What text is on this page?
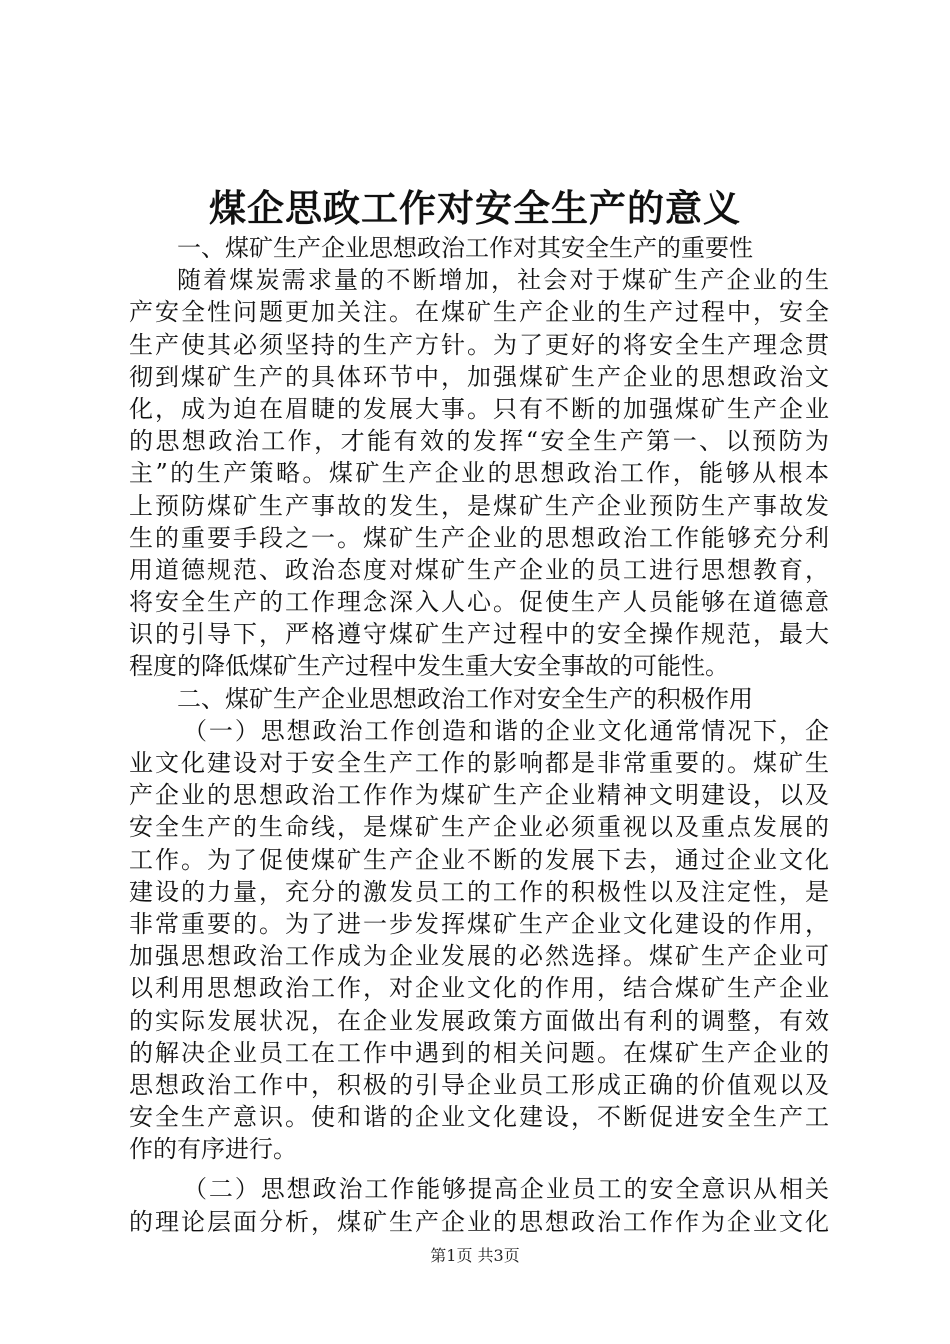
煤企思政工作对安全生产的意义
一、煤矿生产企业思想政治工作对其安全生产的重要性
随着煤炭需求量的不断增加，社会对于煤矿生产企业的生
产安全性问题更加关注。在煤矿生产企业的生产过程中，安全
生产使其必须坚持的生产方针。为了更好的将安全生产理念贯
彻到煤矿生产的具体环节中，加强煤矿生产企业的思想政治文
化，成为迫在眉睫的发展大事。只有不断的加强煤矿生产企业
的思想政治工作，才能有效的发挥“安全生产第一、以预防为
主”的生产策略。煤矿生产企业的思想政治工作，能够从根本
上预防煤矿生产事故的发生，是煤矿生产企业预防生产事故发
生的重要手段之一。煤矿生产企业的思想政治工作能够充分利
用道德规范、政治态度对煤矿生产企业的员工进行思想教育，
将安全生产的工作理念深入人心。促使生产人员能够在道德意
识的引导下，严格遵守煤矿生产过程中的安全操作规范，最大
程度的降低煤矿生产过程中发生重大安全事故的可能性。
二、煤矿生产企业思想政治工作对安全生产的积极作用
（一）思想政治工作创造和谐的企业文化通常情况下，企
业文化建设对于安全生产工作的影响都是非常重要的。煤矿生
产企业的思想政治工作作为煤矿生产企业精神文明建设，以及
安全生产的生命线，是煤矿生产企业必须重视以及重点发展的
工作。为了促使煤矿生产企业不断的发展下去，通过企业文化
建设的力量，充分的激发员工的工作的积极性以及注定性，是
非常重要的。为了进一步发挥煤矿生产企业文化建设的作用，
加强思想政治工作成为企业发展的必然选择。煤矿生产企业可
以利用思想政治工作，对企业文化的作用，结合煤矿生产企业
的实际发展状况，在企业发展政策方面做出有利的调整，有效
的解决企业员工在工作中遇到的相关问题。在煤矿生产企业的
思想政治工作中，积极的引导企业员工形成正确的价值观以及
安全生产意识。使和谐的企业文化建设，不断促进安全生产工
作的有序进行。
（二）思想政治工作能够提高企业员工的安全意识从相关
的理论层面分析，煤矿生产企业的思想政治工作作为企业文化
第1页 共3页
